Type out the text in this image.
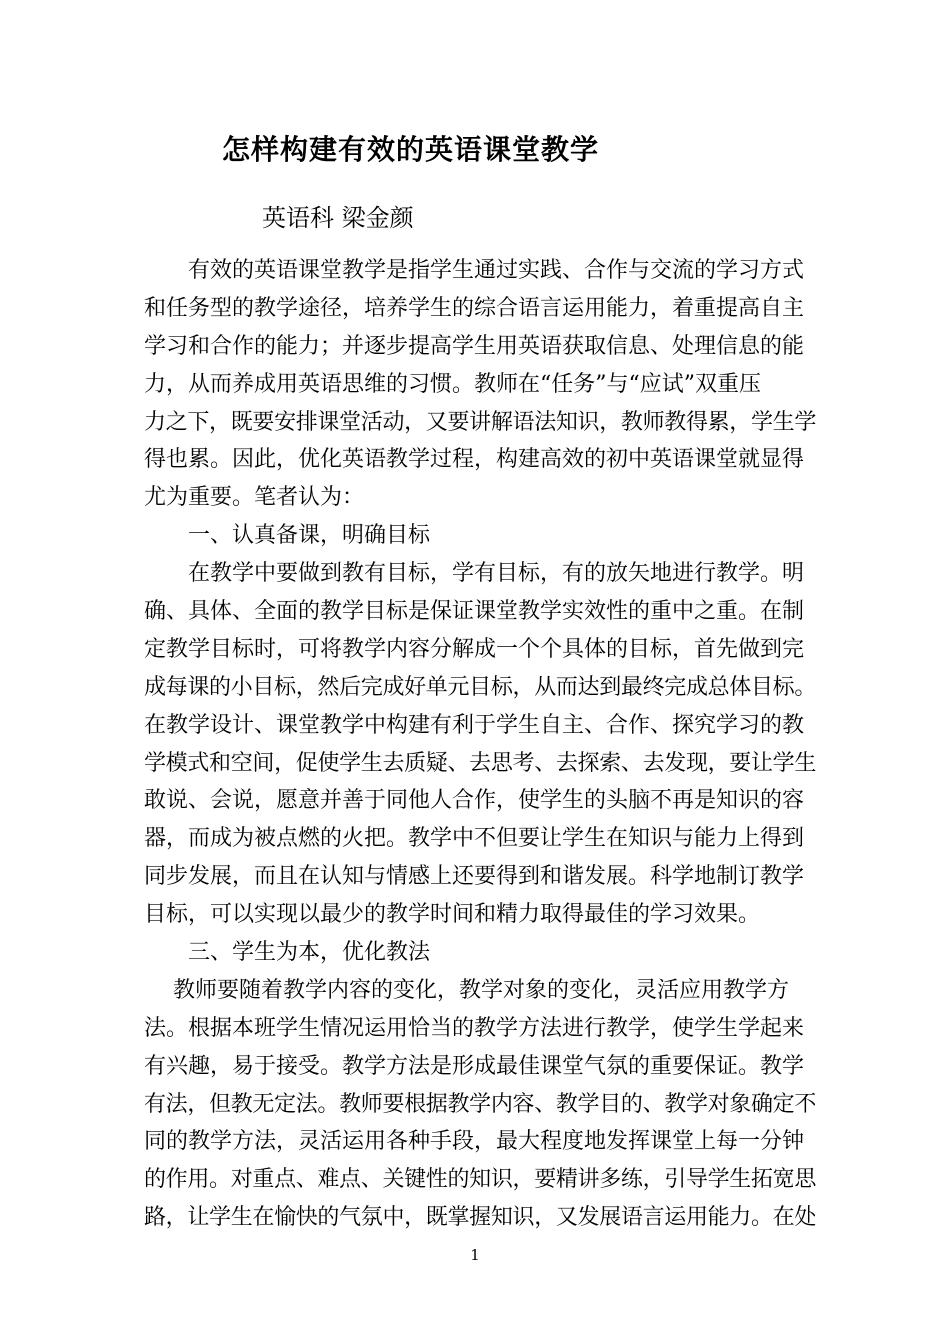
怎样构建有效的英语课堂教学
英语科 梁金颜
　　有效的英语课堂教学是指学生通过实践、合作与交流的学习方式
和任务型的教学途径，培养学生的综合语言运用能力，着重提高自主
学习和合作的能力；并逐步提高学生用英语获取信息、处理信息的能
力，从而养成用英语思维的习惯。教师在“任务”与“应试”双重压
力之下，既要安排课堂活动，又要讲解语法知识，教师教得累，学生学
得也累。因此，优化英语教学过程，构建高效的初中英语课堂就显得
尤为重要。笔者认为：
　　一、认真备课，明确目标
　　在教学中要做到教有目标，学有目标，有的放矢地进行教学。明
确、具体、全面的教学目标是保证课堂教学实效性的重中之重。在制
定教学目标时，可将教学内容分解成一个个具体的目标，首先做到完
成每课的小目标，然后完成好单元目标，从而达到最终完成总体目标。
在教学设计、课堂教学中构建有利于学生自主、合作、探究学习的教
学模式和空间，促使学生去质疑、去思考、去探索、去发现，要让学生
敢说、会说，愿意并善于同他人合作，使学生的头脑不再是知识的容
器，而成为被点燃的火把。教学中不但要让学生在知识与能力上得到
同步发展，而且在认知与情感上还要得到和谐发展。科学地制订教学
目标，可以实现以最少的教学时间和精力取得最佳的学习效果。
　　三、学生为本，优化教法
　 教师要随着教学内容的变化，教学对象的变化，灵活应用教学方
法。根据本班学生情况运用恰当的教学方法进行教学，使学生学起来
有兴趣，易于接受。教学方法是形成最佳课堂气氛的重要保证。教学
有法，但教无定法。教师要根据教学内容、教学目的、教学对象确定不
同的教学方法，灵活运用各种手段，最大程度地发挥课堂上每一分钟
的作用。对重点、难点、关键性的知识，要精讲多练，引导学生拓宽思
路，让学生在愉快的气氛中，既掌握知识，又发展语言运用能力。在处
1
